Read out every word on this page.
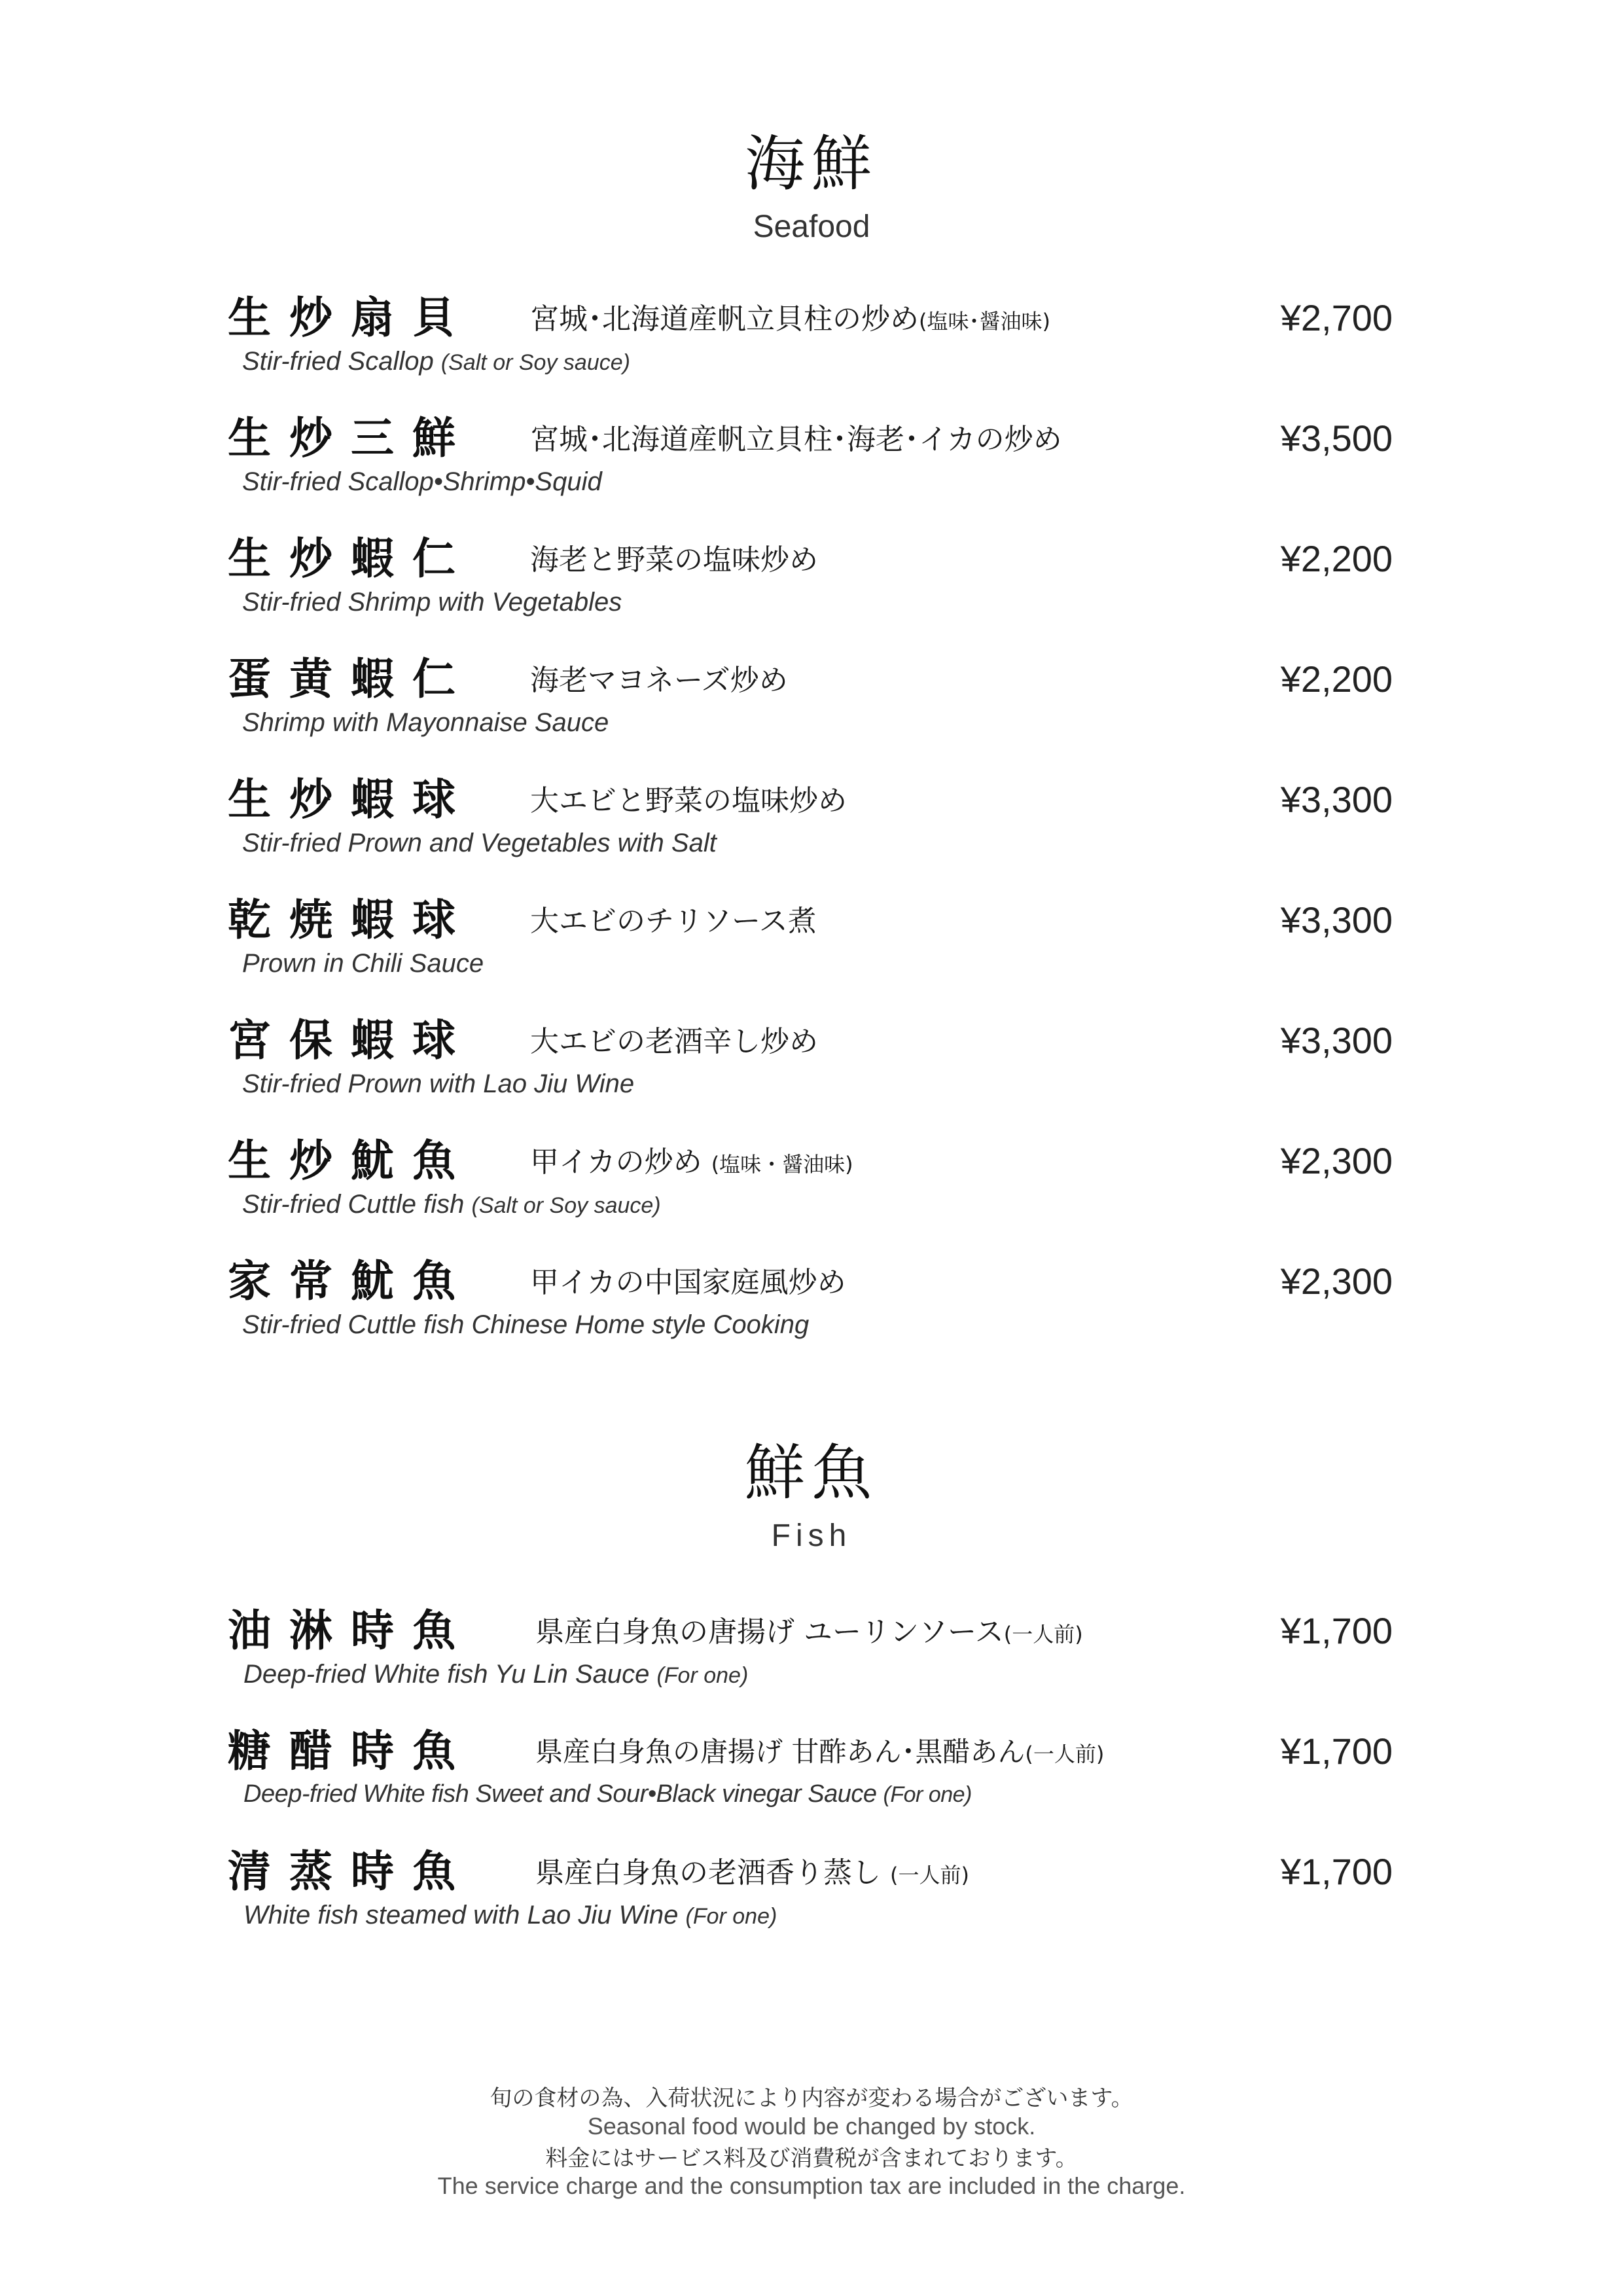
海鮮
Seafood
生炒扇貝 宮城･北海道産帆立貝柱の炒め(塩味･醤油味)
Stir-fried Scallop (Salt or Soy sauce)
¥2,700
生炒三鮮 宮城･北海道産帆立貝柱･海老･イカの炒め
Stir-fried Scallop•Shrimp•Squid
¥3,500
生炒蝦仁 海老と野菜の塩味炒め
Stir-fried Shrimp with Vegetables
¥2,200
蛋黄蝦仁 海老マヨネーズ炒め
Shrimp with Mayonnaise Sauce
¥2,200
生炒蝦球 大エビと野菜の塩味炒め
Stir-fried Prown and Vegetables with Salt
¥3,300
乾焼蝦球 大エビのチリソース煮
Prown in Chili Sauce
¥3,300
宮保蝦球 大エビの老酒辛し炒め
Stir-fried Prown with Lao Jiu Wine
¥3,300
生炒魷魚 甲イカの炒め (塩味・醤油味)
Stir-fried Cuttle fish (Salt or Soy sauce)
¥2,300
家常魷魚 甲イカの中国家庭風炒め
Stir-fried Cuttle fish Chinese Home style Cooking
¥2,300
鮮魚
Fish
油淋時魚 県産白身魚の唐揚げ ユーリンソース(一人前)
Deep-fried White fish Yu Lin Sauce (For one)
¥1,700
糖醋時魚 県産白身魚の唐揚げ 甘酢あん･黒醋あん(一人前)
Deep-fried White fish Sweet and Sour•Black vinegar Sauce (For one)
¥1,700
清蒸時魚 県産白身魚の老酒香り蒸し (一人前)
White fish steamed with Lao Jiu Wine (For one)
¥1,700
旬の食材の為、入荷状況により内容が変わる場合がございます。
Seasonal food would be changed by stock.
料金にはサービス料及び消費税が含まれております。
The service charge and the consumption tax are included in the charge.
